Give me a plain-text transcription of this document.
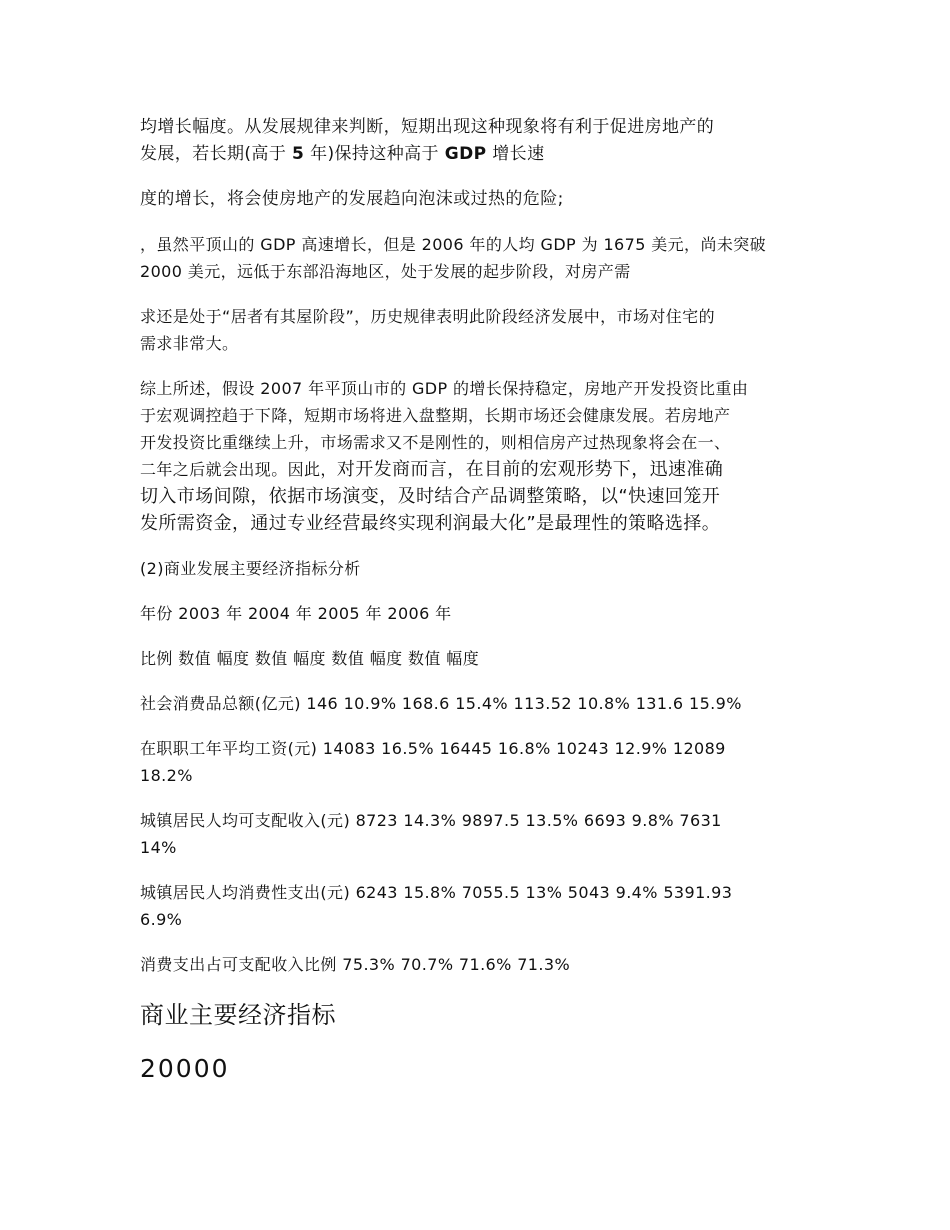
均增长幅度。从发展规律来判断，短期出现这种现象将有利于促进房地产的
发展，若长期(高于 5 年)保持这种高于 GDP 增长速

度的增长，将会使房地产的发展趋向泡沫或过热的危险;

，虽然平顶山的 GDP 高速增长，但是 2006 年的人均 GDP 为 1675 美元，尚未突破
2000 美元，远低于东部沿海地区，处于发展的起步阶段，对房产需

求还是处于“居者有其屋阶段”，历史规律表明此阶段经济发展中，市场对住宅的
需求非常大。

综上所述，假设 2007 年平顶山市的 GDP 的增长保持稳定，房地产开发投资比重由
于宏观调控趋于下降，短期市场将进入盘整期，长期市场还会健康发展。若房地产
开发投资比重继续上升，市场需求又不是刚性的，则相信房产过热现象将会在一、
二年之后就会出现。因此，对开发商而言，在目前的宏观形势下，迅速准确
切入市场间隙，依据市场演变，及时结合产品调整策略，以“快速回笼开
发所需资金，通过专业经营最终实现利润最大化”是最理性的策略选择。

(2)商业发展主要经济指标分析

年份 2003 年 2004 年 2005 年 2006 年

比例 数值 幅度 数值 幅度 数值 幅度 数值 幅度

社会消费品总额(亿元) 146 10.9% 168.6 15.4% 113.52 10.8% 131.6 15.9%

在职职工年平均工资(元) 14083 16.5% 16445 16.8% 10243 12.9% 12089
18.2%

城镇居民人均可支配收入(元) 8723 14.3% 9897.5 13.5% 6693 9.8% 7631
14%

城镇居民人均消费性支出(元) 6243 15.8% 7055.5 13% 5043 9.4% 5391.93
6.9%

消费支出占可支配收入比例 75.3% 70.7% 71.6% 71.3%

商业主要经济指标

20000
